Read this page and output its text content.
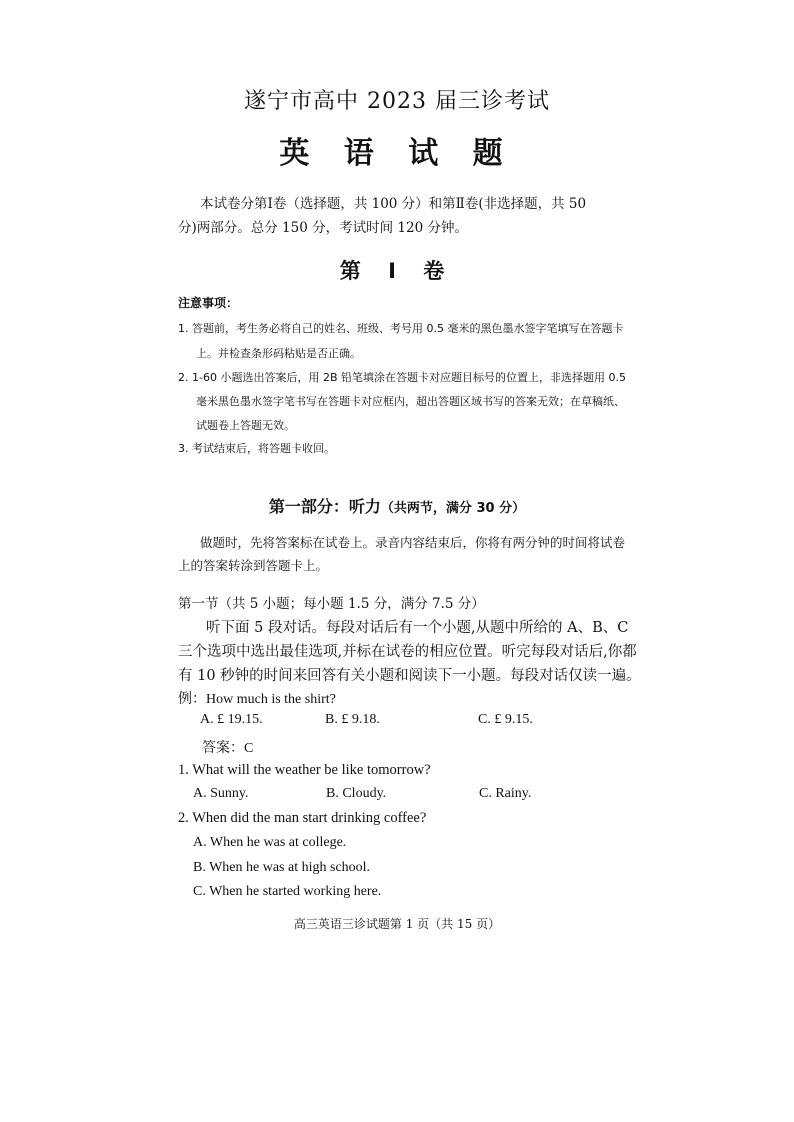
遂宁市高中 2023 届三诊考试
英 语 试 题
本试卷分第Ⅰ卷（选择题，共 100 分）和第Ⅱ卷(非选择题，共 50
分)两部分。总分 150 分，考试时间 120 分钟。
第 Ⅰ 卷
注意事项：
1. 答题前，考生务必将自己的姓名、班级、考号用 0.5 毫米的黑色墨水签字笔填写在答题卡
上。并检查条形码粘贴是否正确。
2. 1-60 小题选出答案后，用 2B 铅笔填涂在答题卡对应题目标号的位置上，非选择题用 0.5
毫米黑色墨水签字笔书写在答题卡对应框内，超出答题区域书写的答案无效；在草稿纸、
试题卷上答题无效。
3. 考试结束后，将答题卡收回。
第一部分：听力（共两节，满分 30 分）
做题时，先将答案标在试卷上。录音内容结束后，你将有两分钟的时间将试卷
上的答案转涂到答题卡上。
第一节（共 5 小题；每小题 1.5 分，满分 7.5 分）
听下面 5 段对话。每段对话后有一个小题,从题中所给的 A、B、C
三个选项中选出最佳选项,并标在试卷的相应位置。听完每段对话后,你都
有 10 秒钟的时间来回答有关小题和阅读下一小题。每段对话仅读一遍。
例：How much is the shirt?
A. £ 19.15.	B. £ 9.18.	C. £ 9.15.
答案：C
1. What will the weather be like tomorrow?
A. Sunny.	B. Cloudy.	C. Rainy.
2. When did the man start drinking coffee?
A. When he was at college.
B. When he was at high school.
C. When he started working here.
高三英语三诊试题第 1 页（共 15 页）
